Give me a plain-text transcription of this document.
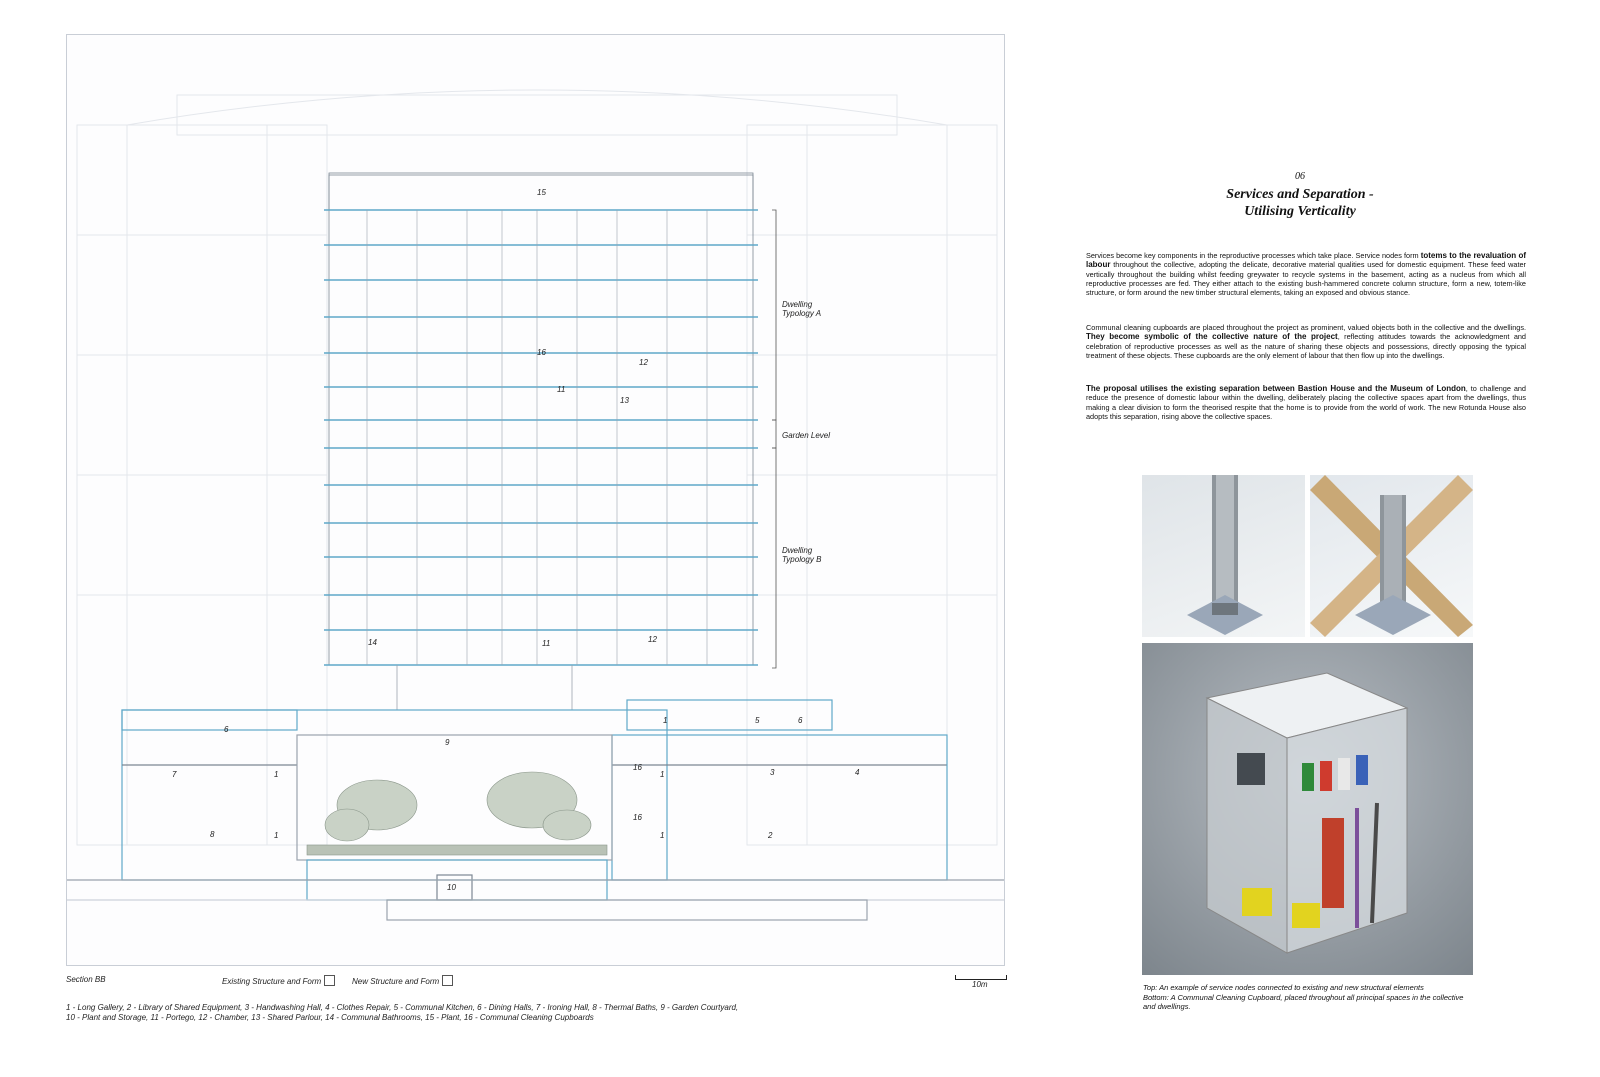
15
16
12
11
13
14	11	12
6
9
1	5	6
7	1
16
1	3	4
8	1
16
1	2
10
Dwelling
Typology A
Garden Level
Dwelling
Typology B
Section BB	Existing Structure and Form	New Structure and Form	10m
1 - Long Gallery, 2 - Library of Shared Equipment, 3 - Handwashing Hall, 4 - Clothes Repair, 5 - Communal Kitchen, 6 - Dining Halls, 7 - Ironing Hall, 8 - Thermal Baths, 9 - Garden Courtyard,
10 - Plant and Storage, 11 - Portego, 12 - Chamber, 13 - Shared Parlour, 14 - Communal Bathrooms, 15 - Plant, 16 - Communal Cleaning Cupboards
06
Services and Separation -
Utilising Verticality
Services become key components in the reproductive processes which take place. Service nodes form totems to the revaluation of labour throughout the collective, adopting the delicate, decorative material qualities used for domestic equipment. These feed water vertically throughout the building whilst feeding greywater to recycle systems in the basement, acting as a nucleus from which all reproductive processes are fed. They either attach to the existing bush-hammered concrete column structure, form a new, totem-like structure, or form around the new timber structural elements, taking an exposed and obvious stance.
Communal cleaning cupboards are placed throughout the project as prominent, valued objects both in the collective and the dwellings. They become symbolic of the collective nature of the project, reflecting attitudes towards the acknowledgment and celebration of reproductive processes as well as the nature of sharing these objects and possessions, directly opposing the typical treatment of these objects. These cupboards are the only element of labour that then flow up into the dwellings.
The proposal utilises the existing separation between Bastion House and the Museum of London, to challenge and reduce the presence of domestic labour within the dwelling, deliberately placing the collective spaces apart from the dwellings, thus making a clear division to form the theorised respite that the home is to provide from the world of work. The new Rotunda House also adopts this separation, rising above the collective spaces.
Top: An example of service nodes connected to existing and new structural elements
Bottom: A Communal Cleaning Cupboard, placed throughout all principal spaces in the collective and dwellings.
